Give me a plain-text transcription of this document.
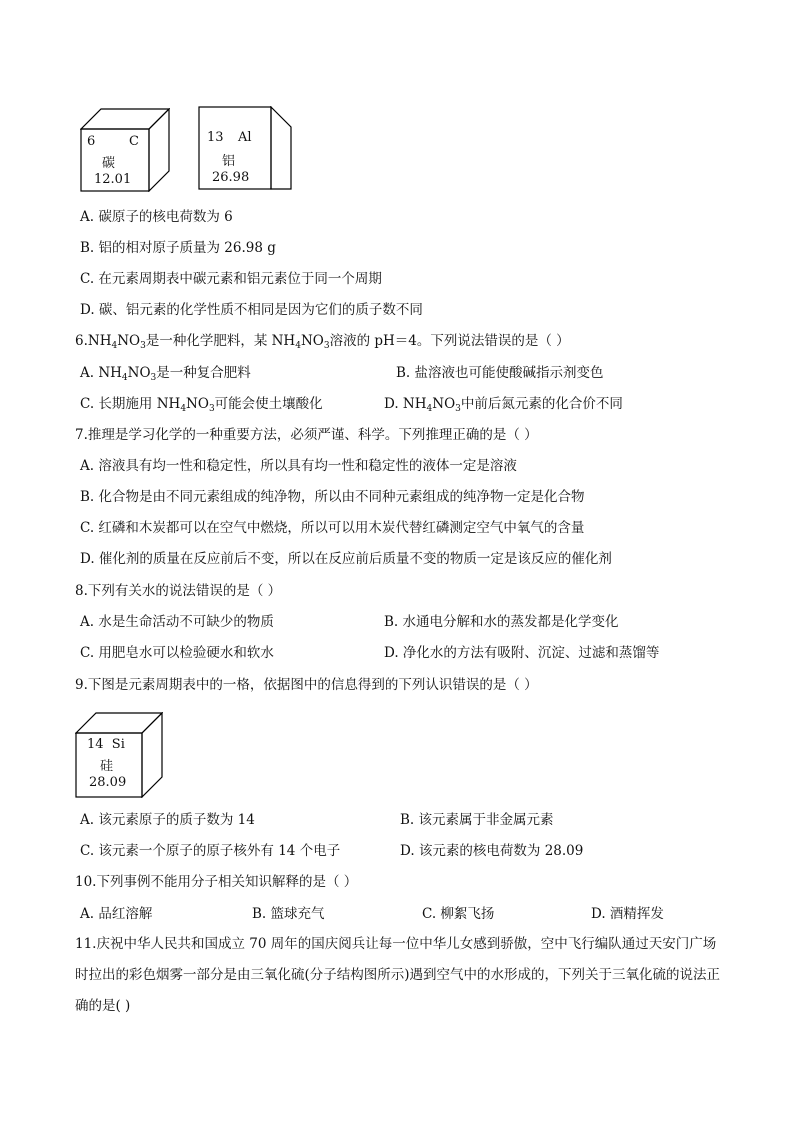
6	C
碳
12.01
13 Al
铝
26.98
A. 碳原子的核电荷数为 6
B. 铝的相对原子质量为 26.98 g
C. 在元素周期表中碳元素和铝元素位于同一个周期
D. 碳、铝元素的化学性质不相同是因为它们的质子数不同
$6.NH_4NO_3$是一种化学肥料，某 $NH_4NO_3$溶液的 pH＝4。下列说法错误的是（ ）
A. $NH_4NO_3$是一种复合肥料	B. 盐溶液也可能使酸碱指示剂变色
C. 长期施用 $NH_4NO_3$可能会使土壤酸化	D. $NH_4NO_3$中前后氮元素的化合价不同
7.推理是学习化学的一种重要方法，必须严谨、科学。下列推理正确的是（ ）
A. 溶液具有均一性和稳定性，所以具有均一性和稳定性的液体一定是溶液
B. 化合物是由不同元素组成的纯净物，所以由不同种元素组成的纯净物一定是化合物
C. 红磷和木炭都可以在空气中燃烧，所以可以用木炭代替红磷测定空气中氧气的含量
D. 催化剂的质量在反应前后不变，所以在反应前后质量不变的物质一定是该反应的催化剂
8.下列有关水的说法错误的是（ ）
A. 水是生命活动不可缺少的物质	B. 水通电分解和水的蒸发都是化学变化
C. 用肥皂水可以检验硬水和软水	D. 净化水的方法有吸附、沉淀、过滤和蒸馏等
9.下图是元素周期表中的一格，依据图中的信息得到的下列认识错误的是（ ）
14  Si
硅
28.09
A. 该元素原子的质子数为 14	B. 该元素属于非金属元素
C. 该元素一个原子的原子核外有 14 个电子	D. 该元素的核电荷数为 28.09
10.下列事例不能用分子相关知识解释的是（ ）
A. 品红溶解	B. 篮球充气	C. 柳絮飞扬	D. 酒精挥发
11.庆祝中华人民共和国成立 70 周年的国庆阅兵让每一位中华儿女感到骄傲，空中飞行编队通过天安门广场时拉出的彩色烟雾一部分是由三氧化硫(分子结构图所示)遇到空气中的水形成的，下列关于三氧化硫的说法正确的是( )
